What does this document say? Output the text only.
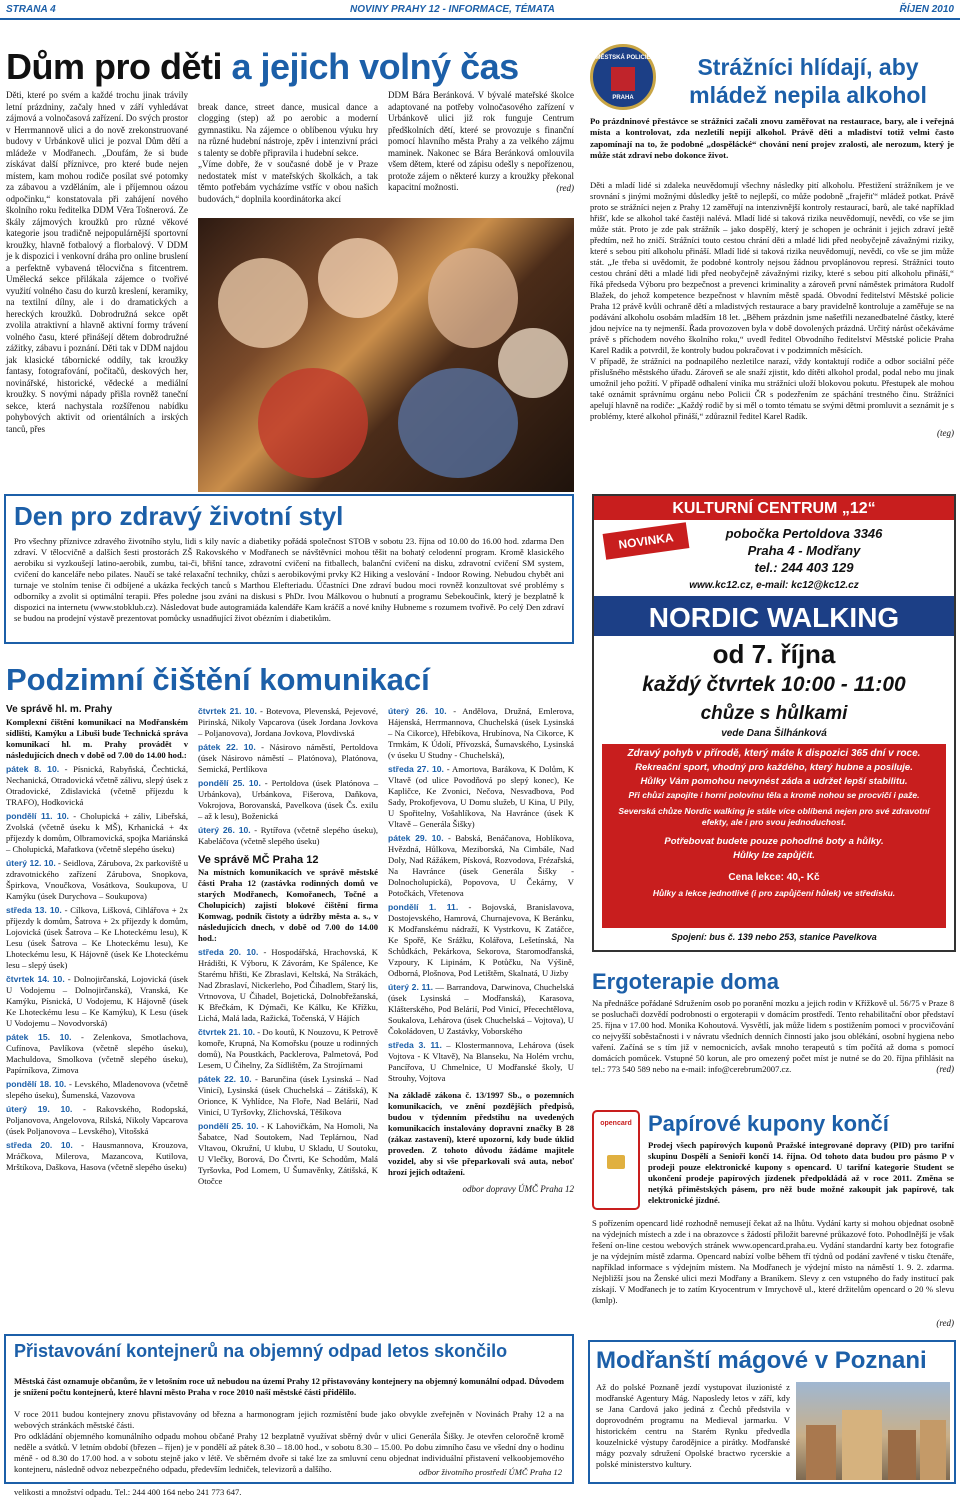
STRANA 4	NOVINY PRAHY 12 - INFORMACE, TÉMATA	ŘÍJEN 2010
Dům pro děti a jejich volný čas

Děti, které po svém a každé trochu jinak trávily letní prázdniny, začaly hned v září vyhledávat zájmová a volnočasová zařízení. Do svých prostor v Herrmannově ulici a do nově zrekonstruované budovy v Urbánkově ulici je pozval Dům dětí a mládeže v Modřanech. „Doufám, že si bude získávat další příznivce, pro které bude nejen místem, kam mohou rodiče posílat své potomky za zábavou a vzděláním, ale i příjemnou oázou odpočinku,“ konstatovala při zahájení nového školního roku ředitelka DDM Věra Tošnerová. Ze škály zájmových kroužků pro různé věkové kategorie jsou tradičně nejpopulárnější sportovní kroužky, hlavně fotbalový a florbalový. V DDM je k dispozici i venkovní dráha pro online bruslení a perfektně vybavená tělocvična s fitcentrem. Umělecká sekce přilákala zájemce o tvořivé využití volného času do kurzů kreslení, keramiky, na textilní dílny, ale i do dramatických a hereckých kroužků. Dobrodružná sekce opět zvolila atraktivní a hlavně aktivní formy trávení volného času, které přinášejí dětem dobrodružné zážitky, zábavu i poznání. Děti tak v DDM najdou jak klasické tábornické oddíly, tak kroužky fantasy, fotografování, počítačů, deskových her, novinářské, historické, vědecké a mediální kroužky. S novými nápady přišla rovněž taneční sekce, která nachystala rozšířenou nabídku pohybových aktivit od orientálních a irských tanců, přes

break dance, street dance, musical dance a clogging (step) až po aerobic a moderní gymnastiku. Na zájemce o oblíbenou výuku hry na různé hudební nástroje, zpěv i intenzivní práci s talenty se dobře připravila i hudební sekce.
„Víme dobře, že v současné době je v Praze nedostatek míst v mateřských školkách, a tak těmto potřebám vycházíme vstříc v obou našich budovách,“ doplnila koordinátorka akcí

DDM Bára Beránková. V bývalé mateřské školce adaptované na potřeby volnočasového zařízení v Urbánkově ulici již rok funguje Centrum předškolních dětí, které se provozuje s finanční pomocí hlavního města Prahy a za velkého zájmu maminek. Nakonec se Bára Beránková omlouvila všem dětem, které od zápisu odešly s nepořízenou, protože zájem o některé kurzy a kroužky překonal kapacitní možnosti.	(red)
MĚSTSKÁ POLICIE
PRAHA
Strážníci hlídají, aby
mládež nepila alkohol

Po prázdninové přestávce se strážníci začali znovu zaměřovat na restaurace, bary, ale i veřejná místa a kontrolovat, zda nezletilí nepijí alkohol. Právě děti a mladiství totiž velmi často zapomínají na to, že podobné „dospělácké“ chování není projev zralosti, ale nerozum, který je může stát zdraví nebo dokonce život.

Děti a mladí lidé si zdaleka neuvědomují všechny následky pití alkoholu. Přestižení strážníkem je ve srovnání s jinými možnými důsledky ještě to nejlepší, co může podobně „frajeřiť“ mládež potkat. Právě proto se strážníci nejen z Prahy 12 zaměřují na intenzivnější kontroly restaurací, barů, ale také například hřišť, kde se alkohol také častěji nalévá. Mladí lidé si taková rizika neuvědomují, nevědí, co vše se jim může stát. Proto je zde pak strážník – jako dospělý, který je schopen je ochránit i jejich zdraví ještě předtím, než ho zničí. Strážníci touto cestou chrání děti a mladé lidi před neobyčejně závažnými riziky, které s sebou pití alkoholu přináší. Mladí lidé si taková rizika neuvědomují, nevědí, co vše se jim může stát. „Je třeba si uvědomit, že podobné kontroly nejsou žádnou prvoplánovou represí. Strážníci touto cestou chrání děti a mladé lidi před neobyčejně závažnými riziky, které s sebou pití alkoholu přináší,“ říká předseda Výboru pro bezpečnost a prevenci kriminality a zároveň první náměstek primátora Rudolf Blažek, do jehož kompetence bezpečnost v hlavním městě spadá. Obvodní ředitelství Městské policie Praha 12 právě kvůli ochraně dětí a mladistvých restaurace a bary pravidelně kontroluje a zaměřuje se na podávání alkoholu osobám mladším 18 let. „Během prázdnin jsme našetřili nezanedbatelné částky, které jdou nejvíce na ty nejmenší. Řada provozoven byla v době dovolených prázdná. Určitý nárůst očekáváme právě s příchodem nového školního roku,“ uvedl ředitel Obvodního ředitelství Městské policie Praha Karel Radik a potvrdil, že kontroly budou pokračovat i v podzimních měsících.
V případě, že strážníci na podnapilého nezletilce narazí, vždy kontaktují rodiče a odbor sociální péče příslušného městského úřadu. Zároveň se ale snaží zjistit, kdo dítěti alkohol prodal, podal nebo mu jinak umožnil jeho požití. V případě odhalení viníka mu strážníci uloží blokovou pokutu. Přestupek ale mohou také oznámit správnímu orgánu nebo Policii ČR s podezřením ze spáchání trestného činu. Strážníci apelují hlavně na rodiče: „Každý rodič by si měl o tomto tématu se svými dětmi promluvit a seznámit je s problémy, které alkohol přináší,“ zdůraznil ředitel Karel Radík.

(teg)
Den pro zdravý životní styl

Pro všechny příznivce zdravého životního stylu, lidi s kily navíc a diabetiky pořádá společnost STOB v sobotu 23. října od 10.00 do 16.00 hod. zdarma Den zdraví. V tělocvičně a dalších šesti prostorách ZŠ Rakovského v Modřanech se návštěvníci mohou těšit na bohatý celodenní program. Kromě klasického aerobiku si vyzkoušejí latino-aerobik, zumbu, tai-či, břišní tance, zdravotní cvičení na fitballech, balanční cvičení na disku, zdravotní cvičení SM system, cvičení do kanceláře nebo pilates. Naučí se také relaxační techniky, chůzi s aerobikovými prvky K2 Hiking a veslování - Indoor Rowing. Nebudou chybět ani turnaje ve stolním tenise či odbíjené a ukázka řeckých tanců s Marthou Elefteriadu. Účastníci Dne zdraví budou moci rovněž konzultovat své problémy s odborníky a zvolit si optimální terapii. Přes poledne jsou zváni na diskusi s PhDr. Ivou Málkovou o hubnutí a programu Sebekoučink, který je bezplatně k dispozici na internetu (www.stobklub.cz). Následovat bude autogramiáda kalendáře Kam kráčíš a nové knihy Hubneme s rozumem tvořivě. Po celý Den zdraví se budou na prodejní výstavě prezentovat pomůcky usnadňující život obézním i diabetikům.

KULTURNÍ CENTRUM „12“
NOVINKA	pobočka Pertoldova 3346
Praha 4 - Modřany
tel.: 244 403 129
www.kc12.cz, e-mail: kc12@kc12.cz
NORDIC WALKING
od 7. října
každý čtvrtek 10:00 - 11:00
chůze s hůlkami
vede Dana Šilhánková
Zdravý pohyb v přírodě, který máte k dispozici 365 dní v roce.
Rekreační sport, vhodný pro každého, který hubne a posiluje.
Hůlky Vám pomohou nevynést záda a udržet lepší stabilitu.
Při chůzi zapojíte i horní polovinu těla a kromě nohou se procvičí i paže.
Severská chůze Nordic walking je stále více oblíbená nejen pro své zdravotní efekty, ale i pro svou jednoduchost.
Potřebovat budete pouze pohodlné boty a hůlky.
Hůlky lze zapůjčit.
Cena lekce: 40,- Kč
Hůlky a lekce jednotlivé (i pro zapůjčení hůlek) ve středisku.
Spojení: bus č. 139 nebo 253, stanice Pavelkova
Podzimní čištění komunikací
Ve správě hl. m. Prahy

Komplexní čištění komunikací na Modřanském sídlišti, Kamýku a Libuši bude Technická správa komunikací hl. m. Prahy provádět v následujících dnech v době od 7.00 do 14.00 hod.:

pátek 8. 10. - Písnická, Rabyňská, Čechtická, Nechanická, Otradovická včetně zálivu, slepý úsek z Otradovické, Zdislavická (včetně příjezdu k TRAFO), Hodkovická

pondělí 11. 10. - Cholupická + záliv, Libeřská, Zvolská (včetně úseku k MŠ), Krhanická + 4x příjezdy k domům, Olbramovická, spojka Mariánská – Cholupická, Mařatkova (včetně slepého úseku)

úterý 12. 10. - Seidlova, Zárubova, 2x parkoviště u zdravotnického zařízení Zárubova, Snopkova, Špirkova, Vnoučkova, Vosátkova, Soukupova, U Kamýku (úsek Durychova – Soukupova)

středa 13. 10. - Cílkova, Lišková, Cihlářova + 2x příjezdy k domům, Šatrova + 2x příjezdy k domům, Lojovická (úsek Šatrova – Ke Lhoteckému lesu), K Lesu (úsek Šatrova – Ke Lhoteckému lesu), Ke Lhoteckému lesu, K Hájovně (úsek Ke Lhoteckému lesu – slepý úsek)

čtvrtek 14. 10. - Dolnojirčanská, Lojovická (úsek U Vodojemu – Dolnojirčanská), Vranská, Ke Kamýku, Písnická, U Vodojemu, K Hájovně (úsek Ke Lhoteckému lesu – Ke Kamýku), K Lesu (úsek U Vodojemu – Novodvorská)

pátek 15. 10. - Zelenkova, Smotlachova, Cufínova, Pavlíkova (včetně slepého úseku), Machuldova, Smolkova (včetně slepého úseku), Papírníkova, Zimova

pondělí 18. 10. - Levského, Mladenovova (včetně slepého úseku), Šumenská, Vazovova

úterý 19. 10. - Rakovského, Rodopská, Poljanovova, Angelovova, Rilská, Nikoly Vapcarova (úsek Poljanovova – Levského), Vitošská

středa 20. 10. - Hausmannova, Krouzova, Mráčkova, Milerova, Mazancova, Kutilova, Mrštíkova, Daškova, Hasova (včetně slepého úseku)

čtvrtek 21. 10. - Botevova, Plevenská, Pejevové, Pirinská, Nikoly Vapcarova (úsek Jordana Jovkova – Poljanovova), Jordana Jovkova, Plovdivská

pátek 22. 10. - Násirovo náměstí, Pertoldova (úsek Násirovo náměstí – Platónova), Platónova, Semická, Pertlíkova

pondělí 25. 10. - Pertoldova (úsek Platónova – Urbánkova), Urbánkova, Fišerova, Daňkova, Vokrojova, Borovanská, Pavelkova (úsek Čs. exilu – až k lesu), Boženická

úterý 26. 10. - Rytířova (včetně slepého úseku), Kabeláčova (včetně slepého úseku)

Ve správě MČ Praha 12

Na místních komunikacích ve správě městské části Praha 12 (zastávka rodinných domů ve starých Modřanech, Komořanech, Točné a Cholupicích) zajistí blokové čištění firma Komwag, podnik čistoty a údržby města a. s., v následujících dnech, v době od 7.00 do 14.00 hod.:

středa 20. 10. - Hospodářská, Hrachovská, K Hrádišti, K Výboru, K Závorám, Ke Spálence, Ke Starému hřišti, Ke Zbraslavi, Keltská, Na Strákách, Nad Zbraslaví, Nickerleho, Pod Čihadlem, Starý lis, Vrtnovova, U Čihadel, Bojetická, Dolnobřežanská, K Břečkám, K Dýmači, Ke Kálku, Ke Křížku, Lichá, Malá lada, Ražická, Točenská, V Hájích

čtvrtek 21. 10. - Do koutů, K Nouzovu, K Petrově komoře, Krupná, Na Komořsku (pouze u rodinných domů), Na Poustkách, Packlerova, Palmetová, Pod Lesem, U Čihelny, Za Sídlištěm, Za Strojírnami

pátek 22. 10. - Barunčina (úsek Lysinská – Nad Vinicí), Lysinská (úsek Chuchelská – Zátišská), K Orionce, K Vyhlídce, Na Floře, Nad Belárií, Nad Vinicí, U Tyršovky, Zlíchovská, Těšíkova

pondělí 25. 10. - K Lahovičkám, Na Homoli, Na Šabatce, Nad Soutokem, Nad Teplárnou, Nad Vltavou, Okružní, U klubu, U Skladu, U Soutoku, U Vlečky, Borová, Do Čtvrti, Ke Schodům, Malá Tyršovka, Pod Lomem, U Šumavěnky, Zátišská, K Otočce

úterý 26. 10. - Andělova, Družná, Emlerova, Hájenská, Herrmannova, Chuchelská (úsek Lysinská – Na Cikorce), Hřebíkova, Hrubínova, Na Cikorce, K Trmkám, K Údolí, Přívozská, Šumavského, Lysinská (v úseku U Studny - Chuchelská),

středa 27. 10. - Amortova, Barákova, K Dolům, K Vltavě (od ulice Povodňová po slepý konec), Ke Kapličce, Ke Zvonici, Nečova, Nesvadbova, Pod Sady, Prokofjevova, U Domu služeb, U Kina, U Pily, U Spořitelny, Vošahlíkova, Na Havránce (úsek K Vltavě – Generála Šišky)

pátek 29. 10. - Babská, Benáčanova, Hoblíkova, Hvězdná, Hůlkova, Meziborská, Na Cimbále, Nad Doly, Nad Rážákem, Písková, Rozvodova, Frézařská, Na Havránce (úsek Generála Šišky - Dolnocholupická), Popovova, U Čekárny, V Potočkách, Vřetenova

pondělí 1. 11. - Bojovská, Branislavova, Dostojevského, Hamrová, Churnajevova, K Beránku, K Modřanskému nádraží, K Vystrkovu, K Zatáčce, Ke Spořě, Ke Srážku, Kolářova, Lešetínská, Na Schůdkách, Pekárkova, Sekorova, Staromodřanská, Vzpoury, K Lipinám, K Potůčku, Na Výšině, Odborná, Plošnova, Pod Letištěm, Skalnatá, U Jizby

úterý 2. 11. — Barrandova, Darwinova, Chuchelská (úsek Lysinská – Modřanská), Karasova, Klášterského, Pod Belárií, Pod Vinicí, Přecechtělova, Soukalova, Lehárova (úsek Chuchelská – Vojtova), U Čokoládoven, U Zastávky, Voborského

středa 3. 11. – Klostermannova, Lehárova (úsek Vojtova - K Vltavě), Na Blanseku, Na Holém vrchu, Pancířova, U Chmelnice, U Modřanské školy, U Strouhy, Vojtova

Na základě zákona č. 13/1997 Sb., o pozemních komunikacích, ve znění pozdějších předpisů, budou v týdenním předstihu na uvedených komunikacích instalovány dopravní značky B 28 (zákaz zastavení), které upozorní, kdy bude úklid proveden. Z tohoto důvodu žádáme majitele vozidel, aby si vše přeparkovali svá auta, neboť hrozí jejich odtažení.

odbor dopravy ÚMČ Praha 12
Ergoterapie doma

Na přednášce pořádané Sdružením osob po poranění mozku a jejich rodin v Křížkově ul. 56/75 v Praze 8 se posluchači dozvědí podrobnosti o ergoterapii v domácím prostředí. Tento rehabilitační obor představí 25. října v 17.00 hod. Monika Kohoutová. Vysvětlí, jak může lidem s postižením pomoci v procvičování co nejvyšší soběstačnosti i v návratu všedních denních činností jako jsou oblékání, osobní hygiena nebo vaření. Začíná se s tím již v nemocnicích, avšak mnoho terapeutů s tím počítá až doma s pomocí domácích pomůcek. Vstupné 50 korun, ale pro omezený počet míst je nutné se do 20. října přihlásit na tel.: 773 540 589 nebo na e-mail: info@cerebrum2007.cz.	(red)
opencard Papírové kupony končí

Prodej všech papírových kuponů Pražské integrované dopravy (PID) pro tarifní skupinu Dospělí a Senioři končí 14. října. Od tohoto data budou pro pásmo P v prodeji pouze elektronické kupony s opencard. U tarifní kategorie Student se ukončení prodeje papírových jízdenek předpokládá až v roce 2011. Změna se netýká přiměstských pásem, pro něž bude možné zakoupit jak papírové, tak elektronické jízdné.

S pořízením opencard lidé rozhodně nemusejí čekat až na lhůtu. Vydání karty si mohou objednat osobně na výdejních místech a zde i na obrazovce s žádostí přiložit barevné průkazové foto. Pohodlnější je však řešení on-line cestou webových stránek www.opencard.praha.eu. Vydání standardní karty bez fotografie je na výdejním místě zdarma. Opencard nabízí volbe během tří týdnů od podání zavřené v tisku čtenáře, například informace s výdejním místem. Na Modřanech je výdejní místo na náměstí 1. 9. 2. zdarma. Nejbližší jsou na Ženské ulici mezi Modřany a Braníkem. Slevy z cen vstupného do řady institucí pak získají. V Modřanech je to zatím Kryocentrum v Imrychově ul., které držitelům opencard o 20 % slevu (kmlp).

(red)
Přistavování kontejnerů na objemný odpad letos skončilo

Městská část oznamuje občanům, že v letošním roce už nebudou na území Prahy 12 přistavovány kontejnery na objemný komunální odpad. Důvodem je snížení počtu kontejnerů, které hlavní město Praha v roce 2010 naší městské části přidělilo.

V roce 2011 budou kontejnery znovu přistavovány od března a harmonogram jejich rozmístění bude jako obvykle zveřejněn v Novinách Prahy 12 a na webových stránkách městské části.
Pro odkládání objemného komunálního odpadu mohou občané Prahy 12 bezplatně využívat sběrný dvůr v ulici Generála Šišky. Je otevřen celoročně kromě neděle a svátků. V letním období (březen – říjen) je v pondělí až pátek 8.30 – 18.00 hod., v sobotu 8.30 – 15.00. Po dobu zimního času ve všední dny o hodinu méně - od 8.30 do 17.00 hod. a v sobotu stejně jako v létě. Ve sběrném dvoře si také lze za smluvní cenu objednat individuální přistavení velkoobjemového kontejneru, následně odvoz nebezpečného odpadu, především ledniček, televizorů a dalšího.

velikosti a množství odpadu. Tel.: 244 400 164 nebo 241 773 647.

odbor životního prostředí ÚMČ Praha 12
Modřanští mágové v Poznani

Až do polské Poznaně jezdí vystupovat iluzionisté z modřanské Agentury Mág. Naposledy letos v září, kdy se Jana Cardová jako jediná z Čechů předstvila v doprovodném programu na Medieval jarmarku. V historickém centru na Starém Rynku předvedla kouzelnické výstupy čarodějnice a pirátky. Modřanské mágy pozvaly sdružení Opolské bractwo rycerskie a polské ministerstvo kultury.
